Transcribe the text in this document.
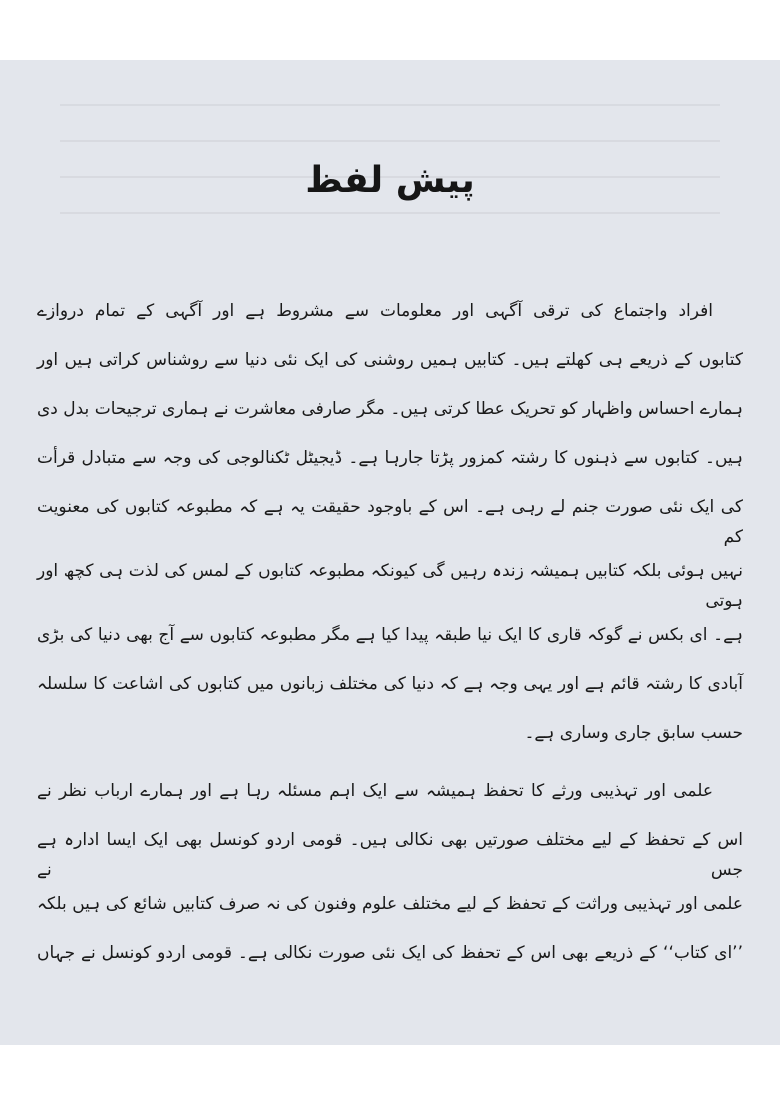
پیش لفظ
افراد واجتماع کی ترقی آگہی اور معلومات سے مشروط ہے اور آگہی کے تمام دروازے
کتابوں کے ذریعے ہی کھلتے ہیں۔ کتابیں ہمیں روشنی کی ایک نئی دنیا سے روشناس کراتی ہیں اور
ہمارے احساس واظہار کو تحریک عطا کرتی ہیں۔ مگر صارفی معاشرت نے ہماری ترجیحات بدل دی
ہیں۔ کتابوں سے ذہنوں کا رشتہ کمزور پڑتا جارہا ہے۔ ڈیجیٹل ٹکنالوجی کی وجہ سے متبادل قرأت
کی ایک نئی صورت جنم لے رہی ہے۔ اس کے باوجود حقیقت یہ ہے کہ مطبوعہ کتابوں کی معنویت کم
نہیں ہوئی بلکہ کتابیں ہمیشہ زندہ رہیں گی کیونکہ مطبوعہ کتابوں کے لمس کی لذت ہی کچھ اور ہوتی
ہے۔ ای بکس نے گوکہ قاری کا ایک نیا طبقہ پیدا کیا ہے مگر مطبوعہ کتابوں سے آج بھی دنیا کی بڑی
آبادی کا رشتہ قائم ہے اور یہی وجہ ہے کہ دنیا کی مختلف زبانوں میں کتابوں کی اشاعت کا سلسلہ
حسب سابق جاری وساری ہے۔
علمی اور تہذیبی ورثے کا تحفظ ہمیشہ سے ایک اہم مسئلہ رہا ہے اور ہمارے ارباب نظر نے
اس کے تحفظ کے لیے مختلف صورتیں بھی نکالی ہیں۔ قومی اردو کونسل بھی ایک ایسا ادارہ ہے جس نے
علمی اور تہذیبی وراثت کے تحفظ کے لیے مختلف علوم وفنون کی نہ صرف کتابیں شائع کی ہیں بلکہ
’’ای کتاب‘‘ کے ذریعے بھی اس کے تحفظ کی ایک نئی صورت نکالی ہے۔ قومی اردو کونسل نے جہاں
